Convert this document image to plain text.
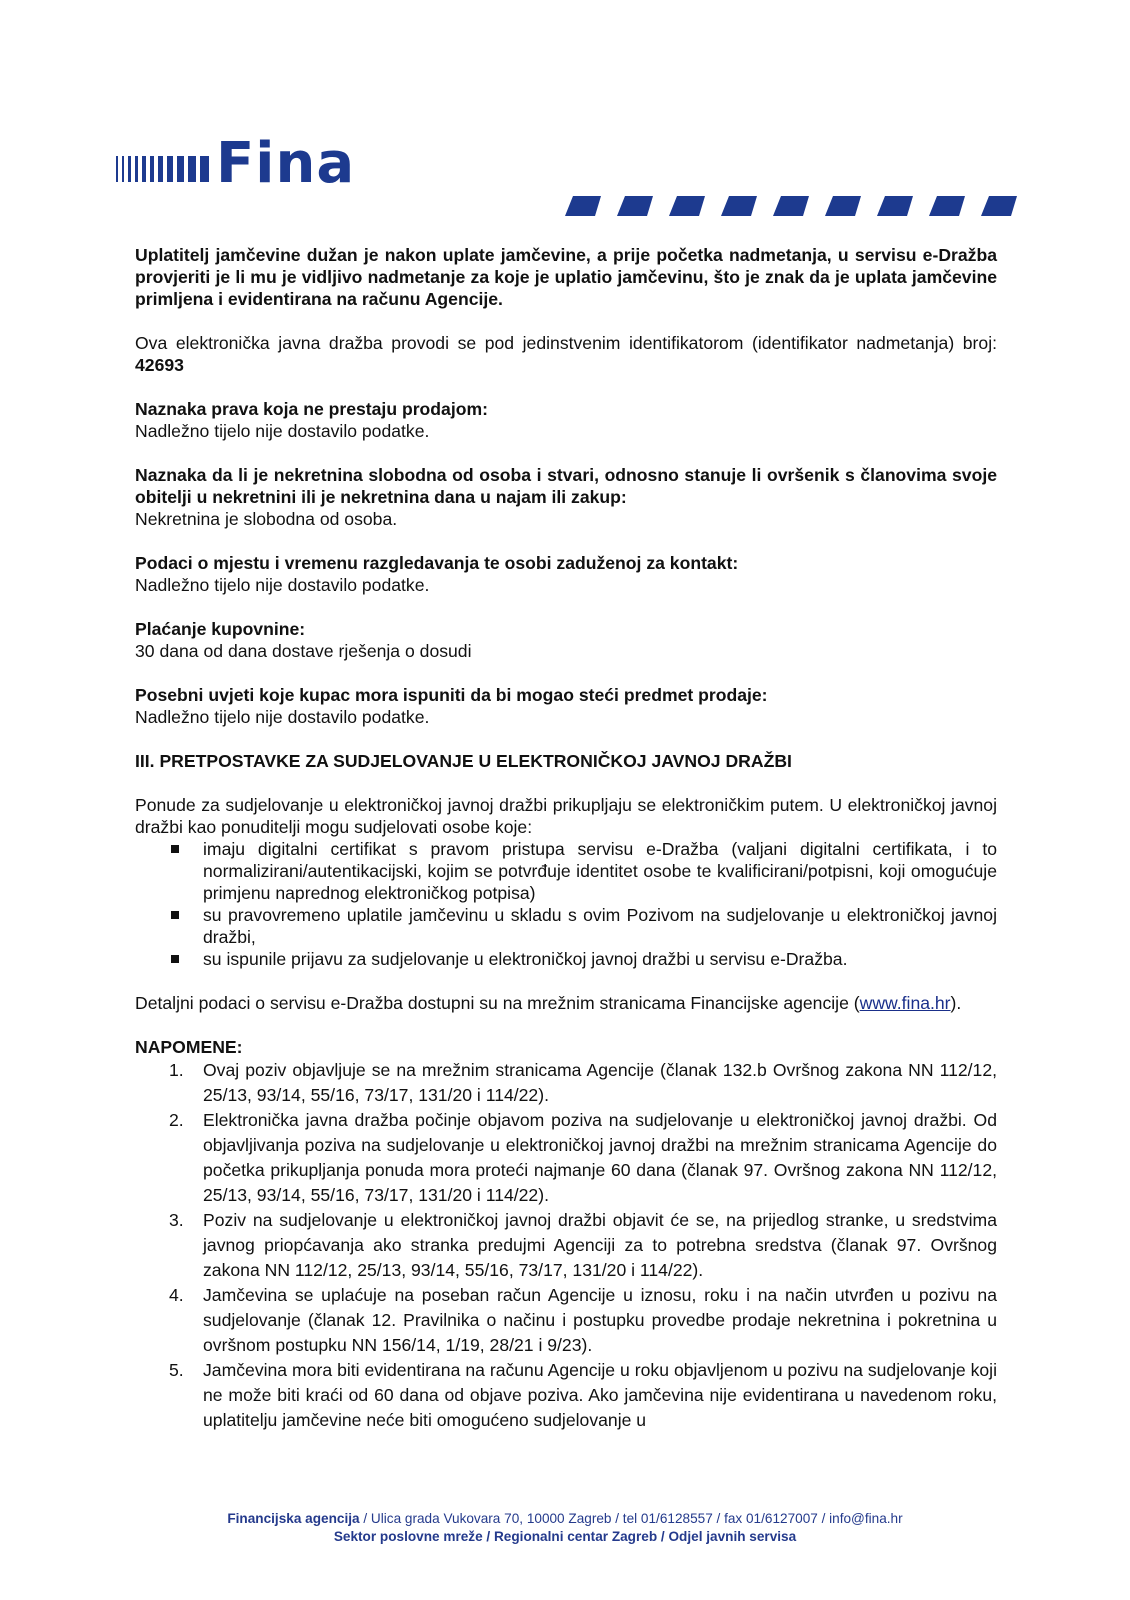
Fina

Uplatitelj jamčevine dužan je nakon uplate jamčevine, a prije početka nadmetanja, u servisu e-Dražba provjeriti je li mu je vidljivo nadmetanje za koje je uplatio jamčevinu, što je znak da je uplata jamčevine primljena i evidentirana na računu Agencije.

Ova elektronička javna dražba provodi se pod jedinstvenim identifikatorom (identifikator nadmetanja) broj: 42693

Naznaka prava koja ne prestaju prodajom:

Nadležno tijelo nije dostavilo podatke.

Naznaka da li je nekretnina slobodna od osoba i stvari, odnosno stanuje li ovršenik s članovima svoje obitelji u nekretnini ili je nekretnina dana u najam ili zakup:

Nekretnina je slobodna od osoba.

Podaci o mjestu i vremenu razgledavanja te osobi zaduženoj za kontakt:

Nadležno tijelo nije dostavilo podatke.

Plaćanje kupovnine:

30 dana od dana dostave rješenja o dosudi

Posebni uvjeti koje kupac mora ispuniti da bi mogao steći predmet prodaje:

Nadležno tijelo nije dostavilo podatke.

III. PRETPOSTAVKE ZA SUDJELOVANJE U ELEKTRONIČKOJ JAVNOJ DRAŽBI

Ponude za sudjelovanje u elektroničkoj javnoj dražbi prikupljaju se elektroničkim putem. U elektroničkoj javnoj dražbi kao ponuditelji mogu sudjelovati osobe koje:

imaju digitalni certifikat s pravom pristupa servisu e-Dražba (valjani digitalni certifikata, i to normalizirani/autentikacijski, kojim se potvrđuje identitet osobe te kvalificirani/potpisni, koji omogućuje primjenu naprednog elektroničkog potpisa)
su pravovremeno uplatile jamčevinu u skladu s ovim Pozivom na sudjelovanje u elektroničkoj javnoj dražbi,
su ispunile prijavu za sudjelovanje u elektroničkoj javnoj dražbi u servisu e-Dražba.

Detaljni podaci o servisu e-Dražba dostupni su na mrežnim stranicama Financijske agencije (www.fina.hr).

NAPOMENE:

1. Ovaj poziv objavljuje se na mrežnim stranicama Agencije (članak 132.b Ovršnog zakona NN 112/12, 25/13, 93/14, 55/16, 73/17, 131/20 i 114/22).
2. Elektronička javna dražba počinje objavom poziva na sudjelovanje u elektroničkoj javnoj dražbi. Od objavljivanja poziva na sudjelovanje u elektroničkoj javnoj dražbi na mrežnim stranicama Agencije do početka prikupljanja ponuda mora proteći najmanje 60 dana (članak 97. Ovršnog zakona NN 112/12, 25/13, 93/14, 55/16, 73/17, 131/20 i 114/22).
3. Poziv na sudjelovanje u elektroničkoj javnoj dražbi objavit će se, na prijedlog stranke, u sredstvima javnog priopćavanja ako stranka predujmi Agenciji za to potrebna sredstva (članak 97. Ovršnog zakona NN 112/12, 25/13, 93/14, 55/16, 73/17, 131/20 i 114/22).
4. Jamčevina se uplaćuje na poseban račun Agencije u iznosu, roku i na način utvrđen u pozivu na sudjelovanje (članak 12. Pravilnika o načinu i postupku provedbe prodaje nekretnina i pokretnina u ovršnom postupku NN 156/14, 1/19, 28/21 i 9/23).
5. Jamčevina mora biti evidentirana na računu Agencije u roku objavljenom u pozivu na sudjelovanje koji ne može biti kraći od 60 dana od objave poziva. Ako jamčevina nije evidentirana u navedenom roku, uplatitelju jamčevine neće biti omogućeno sudjelovanje u
Financijska agencija / Ulica grada Vukovara 70, 10000 Zagreb / tel 01/6128557 / fax 01/6127007 / info@fina.hr
Sektor poslovne mreže / Regionalni centar Zagreb / Odjel javnih servisa
